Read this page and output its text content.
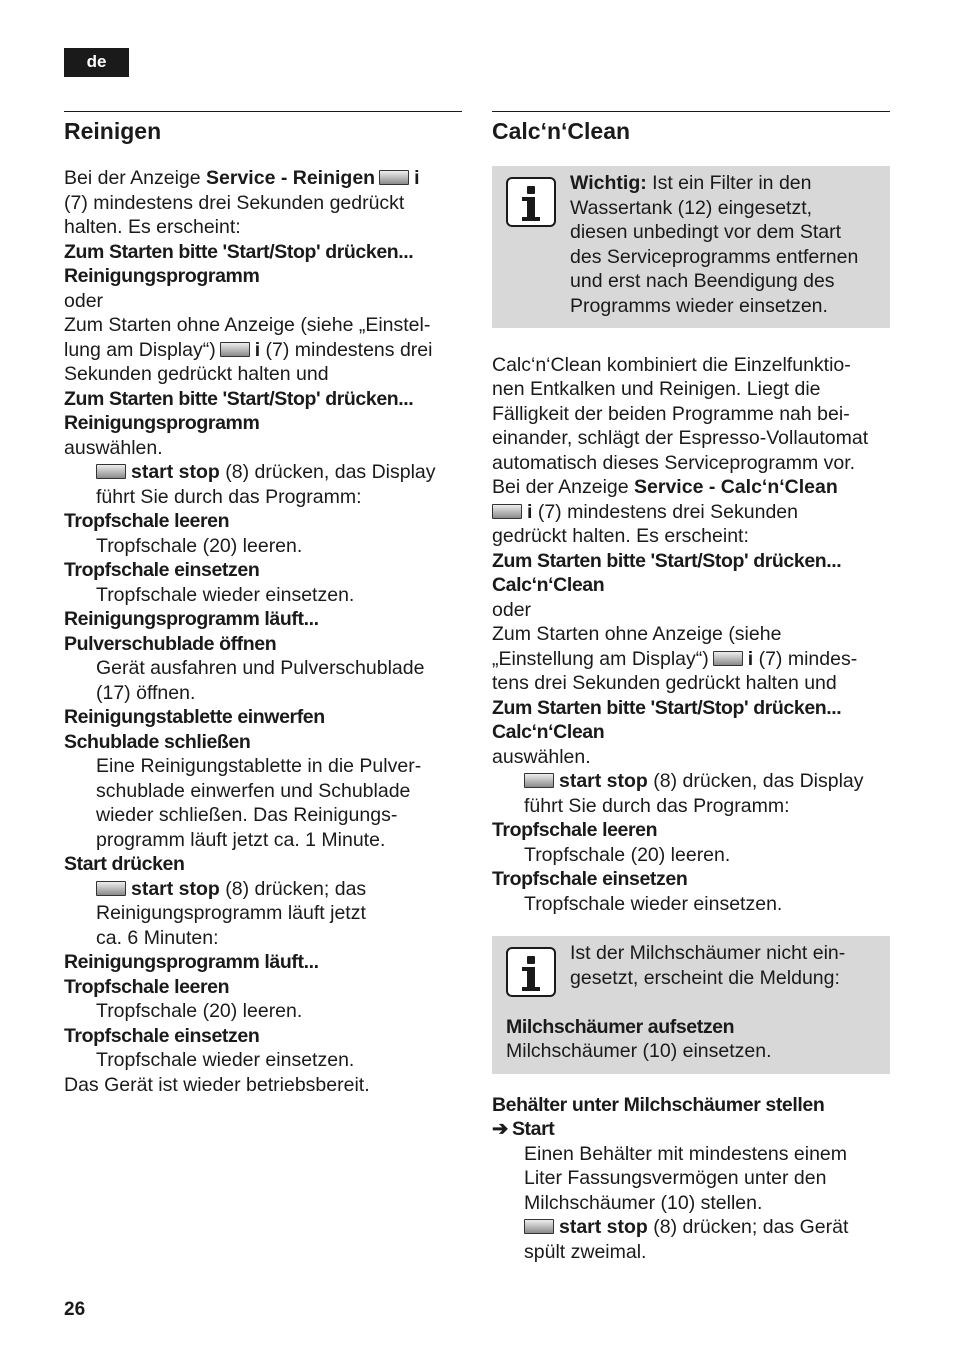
de
Reinigen

Bei der Anzeige Service - Reinigen i

(7) mindestens drei Sekunden gedrückt

halten. Es erscheint:

Zum Starten bitte 'Start/Stop' drücken...

Reinigungsprogramm

oder

Zum Starten ohne Anzeige (siehe „Einstel-

lung am Display“) i (7) mindestens drei

Sekunden gedrückt halten und

Zum Starten bitte 'Start/Stop' drücken...

Reinigungsprogramm

auswählen.

start stop (8) drücken, das Display

führt Sie durch das Programm:

Tropfschale leeren

Tropfschale (20) leeren.

Tropfschale einsetzen

Tropfschale wieder einsetzen.

Reinigungsprogramm läuft...

Pulverschublade öffnen

Gerät ausfahren und Pulverschublade

(17) öffnen.

Reinigungstablette einwerfen

Schublade schließen

Eine Reinigungstablette in die Pulver-

schublade einwerfen und Schublade

wieder schließen. Das Reinigungs-

programm läuft jetzt ca. 1 Minute.

Start drücken

start stop (8) drücken; das

Reinigungsprogramm läuft jetzt

ca. 6 Minuten:

Reinigungsprogramm läuft...

Tropfschale leeren

Tropfschale (20) leeren.

Tropfschale einsetzen

Tropfschale wieder einsetzen.

Das Gerät ist wieder betriebsbereit.

Calc‘n‘Clean

Wichtig: Ist ein Filter in den

Wassertank (12) eingesetzt,

diesen unbedingt vor dem Start

des Serviceprogramms entfernen

und erst nach Beendigung des

Programms wieder einsetzen.

Calc‘n‘Clean kombiniert die Einzelfunktio-

nen Entkalken und Reinigen. Liegt die

Fälligkeit der beiden Programme nah bei-

einander, schlägt der Espresso-Vollautomat

automatisch dieses Serviceprogramm vor.

Bei der Anzeige Service - Calc‘n‘Clean

i (7) mindestens drei Sekunden

gedrückt halten. Es erscheint:

Zum Starten bitte 'Start/Stop' drücken...

Calc‘n‘Clean

oder

Zum Starten ohne Anzeige (siehe

„Einstellung am Display“) i (7) mindes-

tens drei Sekunden gedrückt halten und

Zum Starten bitte 'Start/Stop' drücken...

Calc‘n‘Clean

auswählen.

start stop (8) drücken, das Display

führt Sie durch das Programm:

Tropfschale leeren

Tropfschale (20) leeren.

Tropfschale einsetzen

Tropfschale wieder einsetzen.

Ist der Milchschäumer nicht ein-

gesetzt, erscheint die Meldung:

Milchschäumer aufsetzen

Milchschäumer (10) einsetzen.

Behälter unter Milchschäumer stellen

➔ Start

Einen Behälter mit mindestens einem

Liter Fassungsvermögen unter den

Milchschäumer (10) stellen.

start stop (8) drücken; das Gerät

spült zweimal.

26
